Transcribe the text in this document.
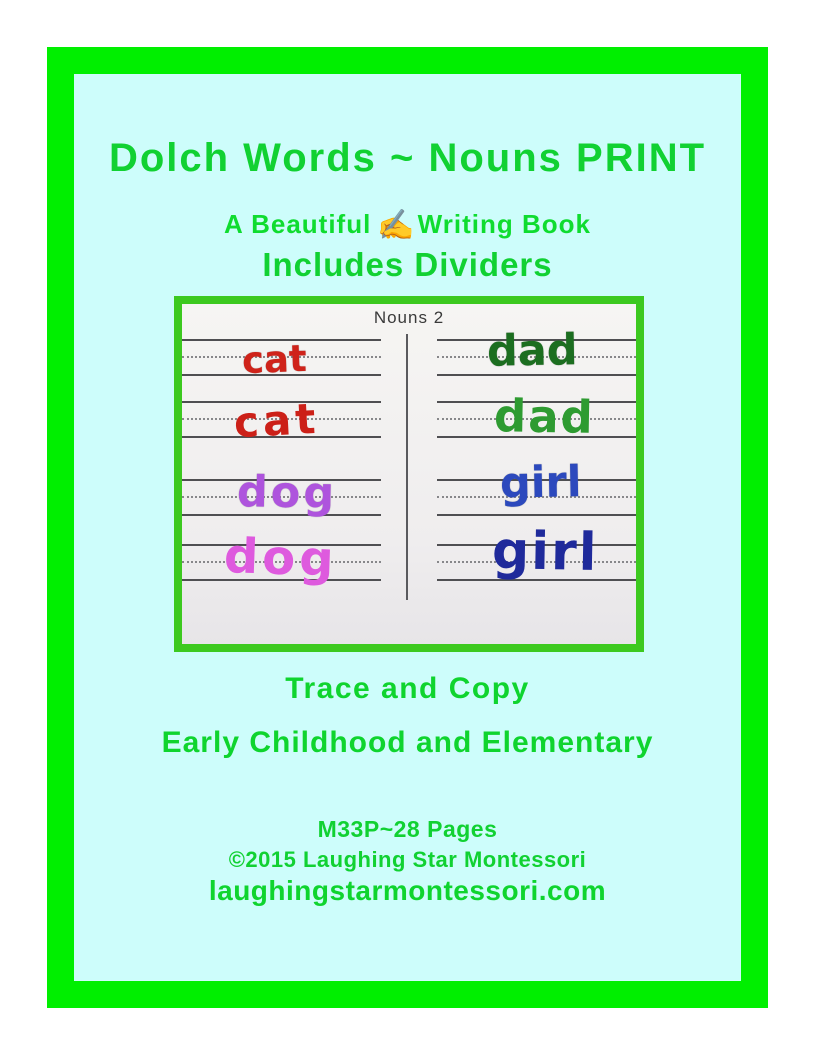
Dolch Words ~ Nouns PRINT
A Beautiful ✍Writing Book
Includes Dividers
Nouns 2
cat
cat
dog
dog
dad
dad
girl
girl
Trace and Copy
Early Childhood and Elementary
M33P~28 Pages
©2015 Laughing Star Montessori
laughingstarmontessori.com
